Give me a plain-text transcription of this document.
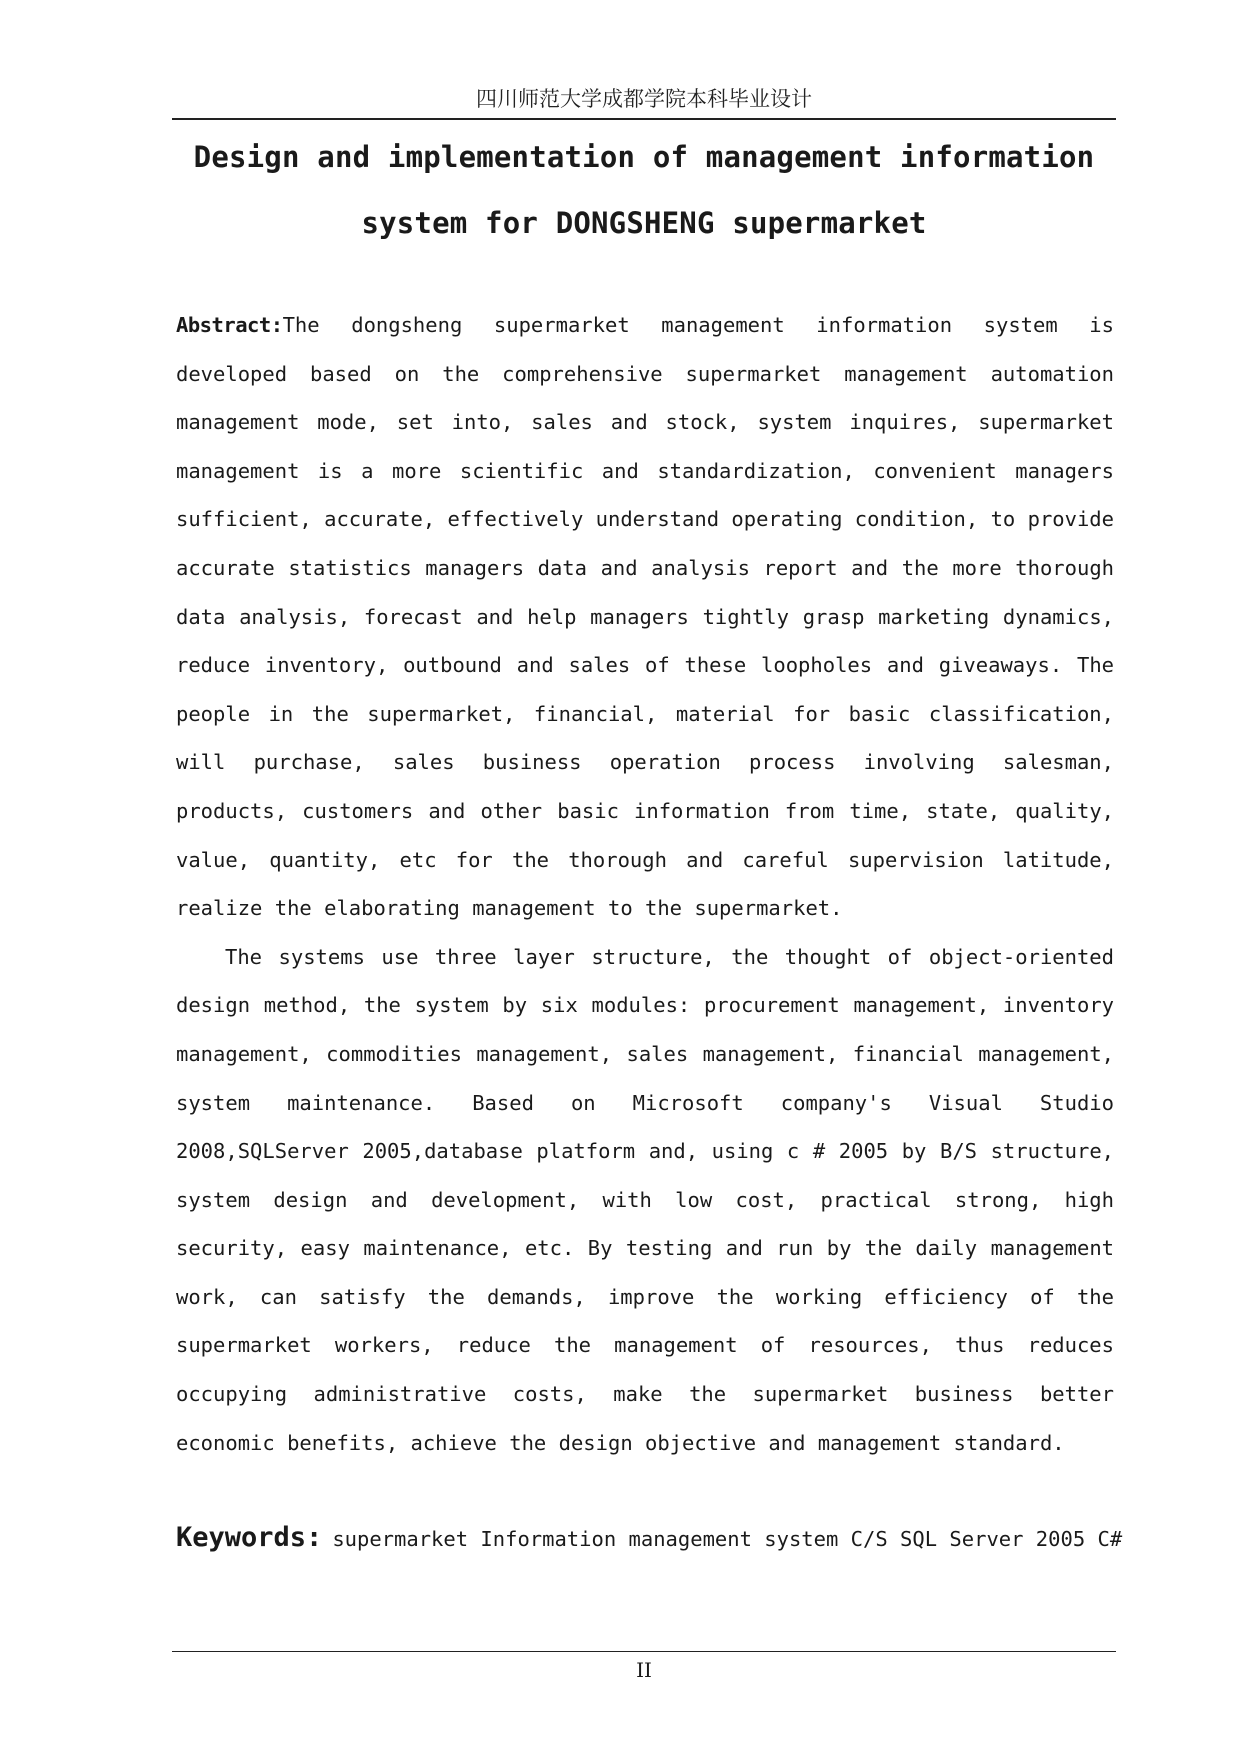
四川师范大学成都学院本科毕业设计
Design and implementation of management information system for DONGSHENG supermarket

Abstract:The dongsheng supermarket management information system is developed based on the comprehensive supermarket management automation management mode, set into, sales and stock, system inquires, supermarket management is a more scientific and standardization, convenient managers sufficient, accurate, effectively understand operating condition, to provide accurate statistics managers data and analysis report and the more thorough data analysis, forecast and help managers tightly grasp marketing dynamics, reduce inventory, outbound and sales of these loopholes and giveaways. The people in the supermarket, financial, material for basic classification, will purchase, sales business operation process involving salesman, products, customers and other basic information from time, state, quality, value, quantity, etc for the thorough and careful supervision latitude, realize the elaborating management to the supermarket.

The systems use three layer structure, the thought of object-oriented design method, the system by six modules: procurement management, inventory management, commodities management, sales management, financial management, system maintenance. Based on Microsoft company's Visual Studio 2008,SQLServer 2005,database platform and, using c # 2005 by B/S structure, system design and development, with low cost, practical strong, high security, easy maintenance, etc. By testing and run by the daily management work, can satisfy the demands, improve the working efficiency of the supermarket workers, reduce the management of resources, thus reduces occupying administrative costs, make the supermarket business better economic benefits, achieve the design objective and management standard.

Keywords: supermarket Information management system C/S SQL Server 2005 C#
II
